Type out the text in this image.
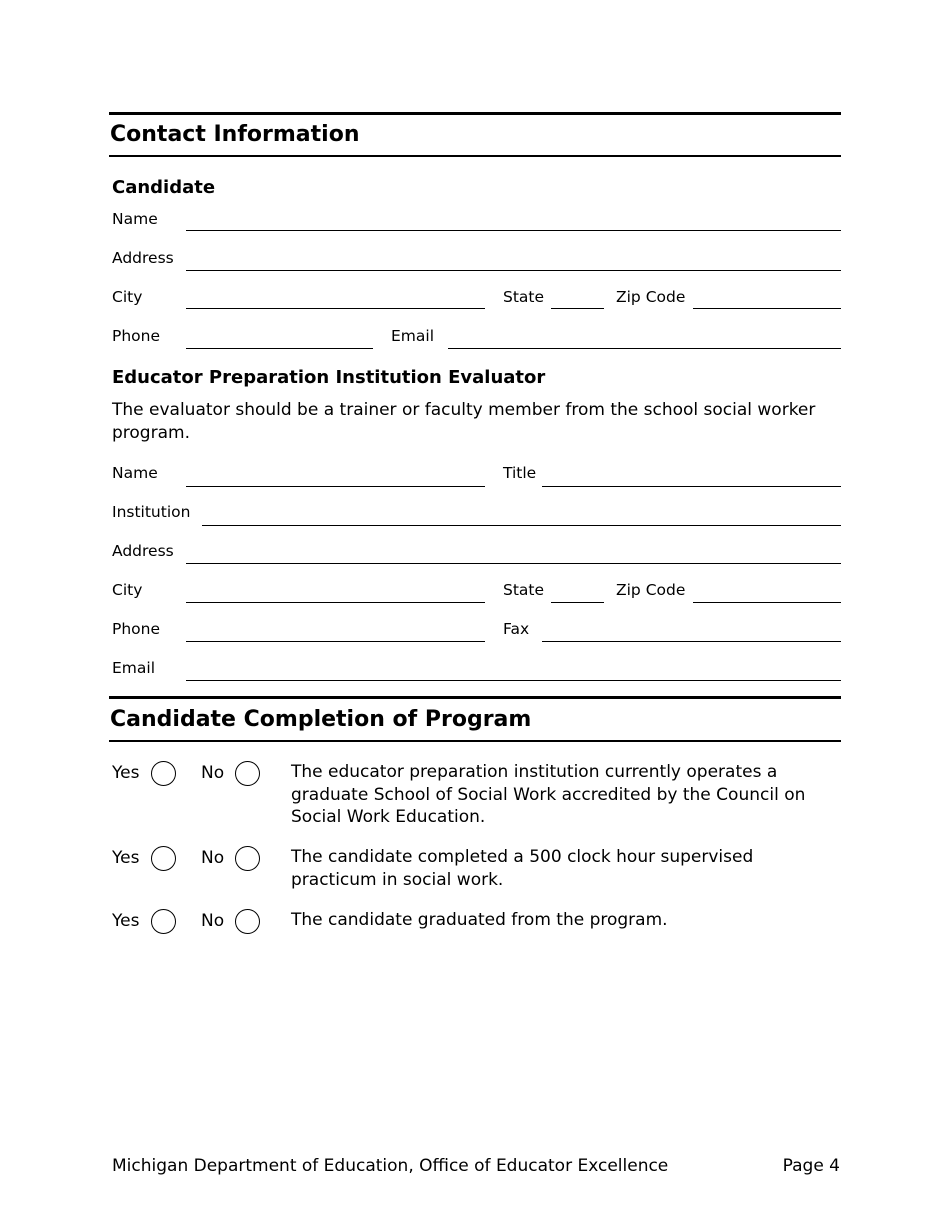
Contact Information
Candidate
Name
Address
City	State	Zip Code
Phone	Email
Educator Preparation Institution Evaluator
The evaluator should be a trainer or faculty member from the school social worker program.
Name	Title
Institution
Address
City	State	Zip Code
Phone	Fax
Email
Candidate Completion of Program
Yes	No	The educator preparation institution currently operates a graduate School of Social Work accredited by the Council on Social Work Education.
Yes	No	The candidate completed a 500 clock hour supervised practicum in social work.
Yes	No	The candidate graduated from the program.
Michigan Department of Education, Office of Educator Excellence	Page 4
